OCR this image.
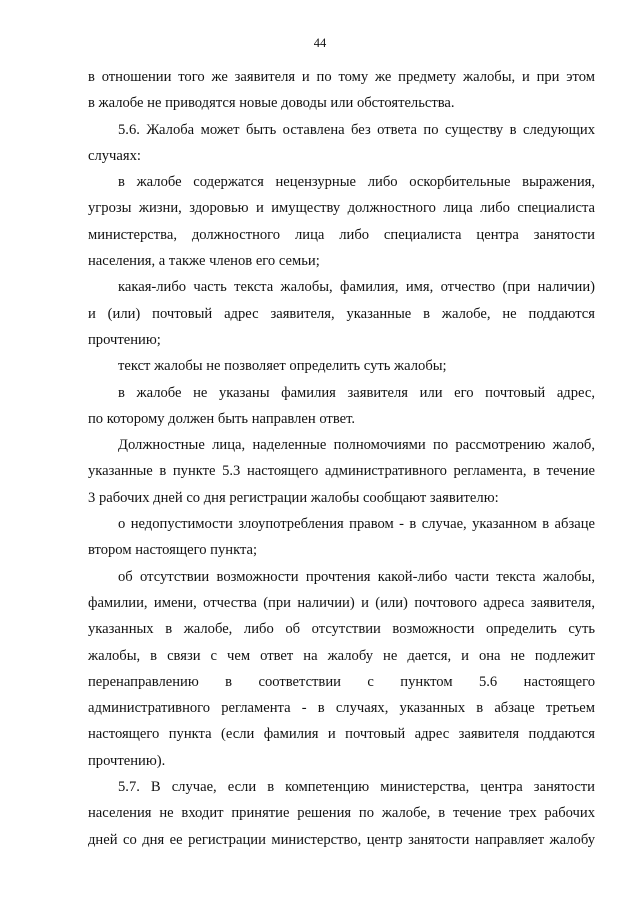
44
в отношении того же заявителя и по тому же предмету жалобы, и при этом
в жалобе не приводятся новые доводы или обстоятельства.
5.6. Жалоба может быть оставлена без ответа по существу в следующих
случаях:
в жалобе содержатся нецензурные либо оскорбительные выражения,
угрозы жизни, здоровью и имуществу должностного лица либо специалиста
министерства, должностного лица либо специалиста центра занятости
населения, а также членов его семьи;
какая-либо часть текста жалобы, фамилия, имя, отчество (при наличии)
и (или) почтовый адрес заявителя, указанные в жалобе, не поддаются
прочтению;
текст жалобы не позволяет определить суть жалобы;
в жалобе не указаны фамилия заявителя или его почтовый адрес,
по которому должен быть направлен ответ.
Должностные лица, наделенные полномочиями по рассмотрению жалоб,
указанные в пункте 5.3 настоящего административного регламента, в течение
3 рабочих дней со дня регистрации жалобы сообщают заявителю:
о недопустимости злоупотребления правом - в случае, указанном в абзаце
втором настоящего пункта;
об отсутствии возможности прочтения какой-либо части текста жалобы,
фамилии, имени, отчества (при наличии) и (или) почтового адреса заявителя,
указанных в жалобе, либо об отсутствии возможности определить суть
жалобы, в связи с чем ответ на жалобу не дается, и она не подлежит
перенаправлению в соответствии с пунктом 5.6 настоящего
административного регламента - в случаях, указанных в абзаце третьем
настоящего пункта (если фамилия и почтовый адрес заявителя поддаются
прочтению).
5.7. В случае, если в компетенцию министерства, центра занятости
населения не входит принятие решения по жалобе, в течение трех рабочих
дней со дня ее регистрации министерство, центр занятости направляет жалобу
